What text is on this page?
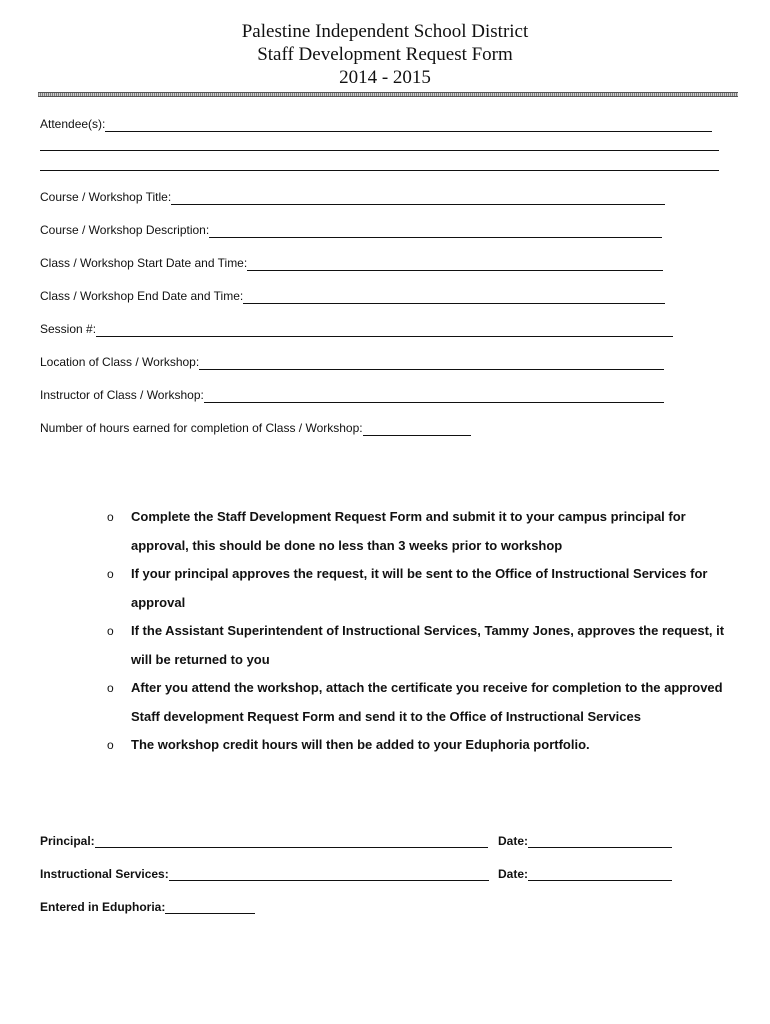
Palestine Independent School District
Staff Development Request Form
2014 - 2015
Attendee(s):
Course / Workshop Title:
Course / Workshop Description:
Class / Workshop Start Date and Time:
Class / Workshop End Date and Time:
Session #:
Location of Class / Workshop:
Instructor of Class / Workshop:
Number of hours earned for completion of Class / Workshop:
o Complete the Staff Development Request Form and submit it to your campus principal for approval, this should be done no less than 3 weeks prior to workshop
o If your principal approves the request, it will be sent to the Office of Instructional Services for approval
o If the Assistant Superintendent of Instructional Services, Tammy Jones, approves the request, it will be returned to you
o After you attend the workshop, attach the certificate you receive for completion to the approved Staff development Request Form and send it to the Office of Instructional Services
o The workshop credit hours will then be added to your Eduphoria portfolio.
Principal:	Date:
Instructional Services:	Date:
Entered in Eduphoria:
